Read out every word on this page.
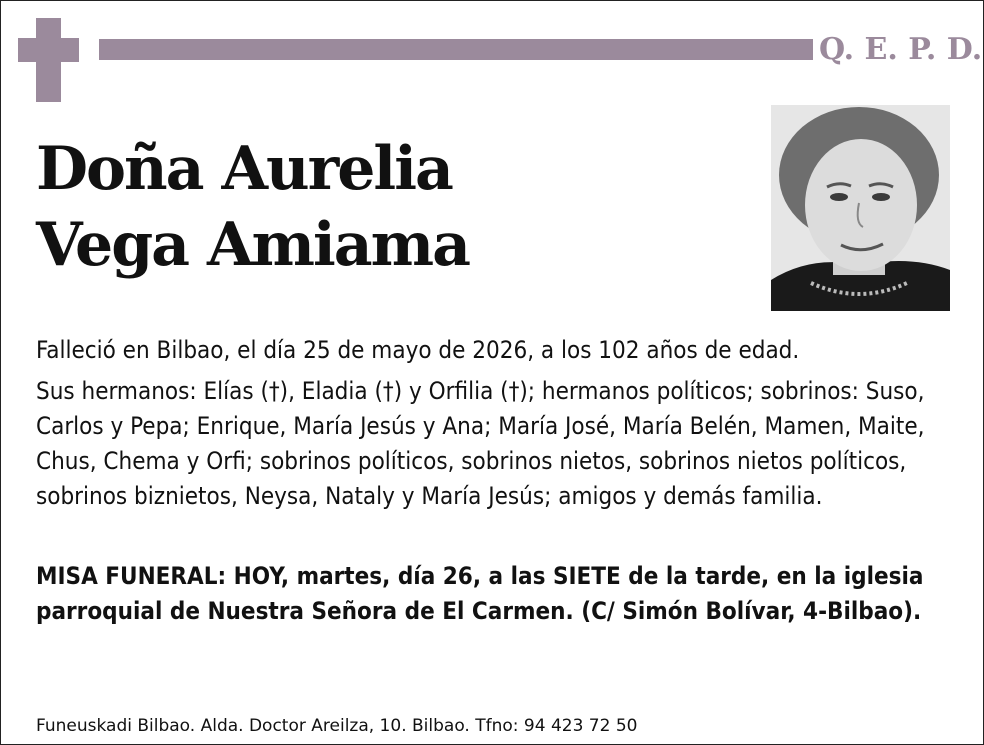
Q. E. P. D.
Doña Aurelia
Vega Amiama

Falleció en Bilbao, el día 25 de mayo de 2026, a los 102 años de edad.

Sus hermanos: Elías (†), Eladia (†) y Orfilia (†); hermanos políticos; sobrinos: Suso, Carlos y Pepa; Enrique, María Jesús y Ana; María José, María Belén, Mamen, Maite, Chus, Chema y Orfi; sobrinos políticos, sobrinos nietos, sobrinos nietos políticos, sobrinos biznietos, Neysa, Nataly y María Jesús; amigos y demás familia.

MISA FUNERAL: HOY, martes, día 26, a las SIETE de la tarde, en la iglesia parroquial de Nuestra Señora de El Carmen. (C/ Simón Bolívar, 4-Bilbao).

Funeuskadi Bilbao. Alda. Doctor Areilza, 10. Bilbao. Tfno: 94 423 72 50
